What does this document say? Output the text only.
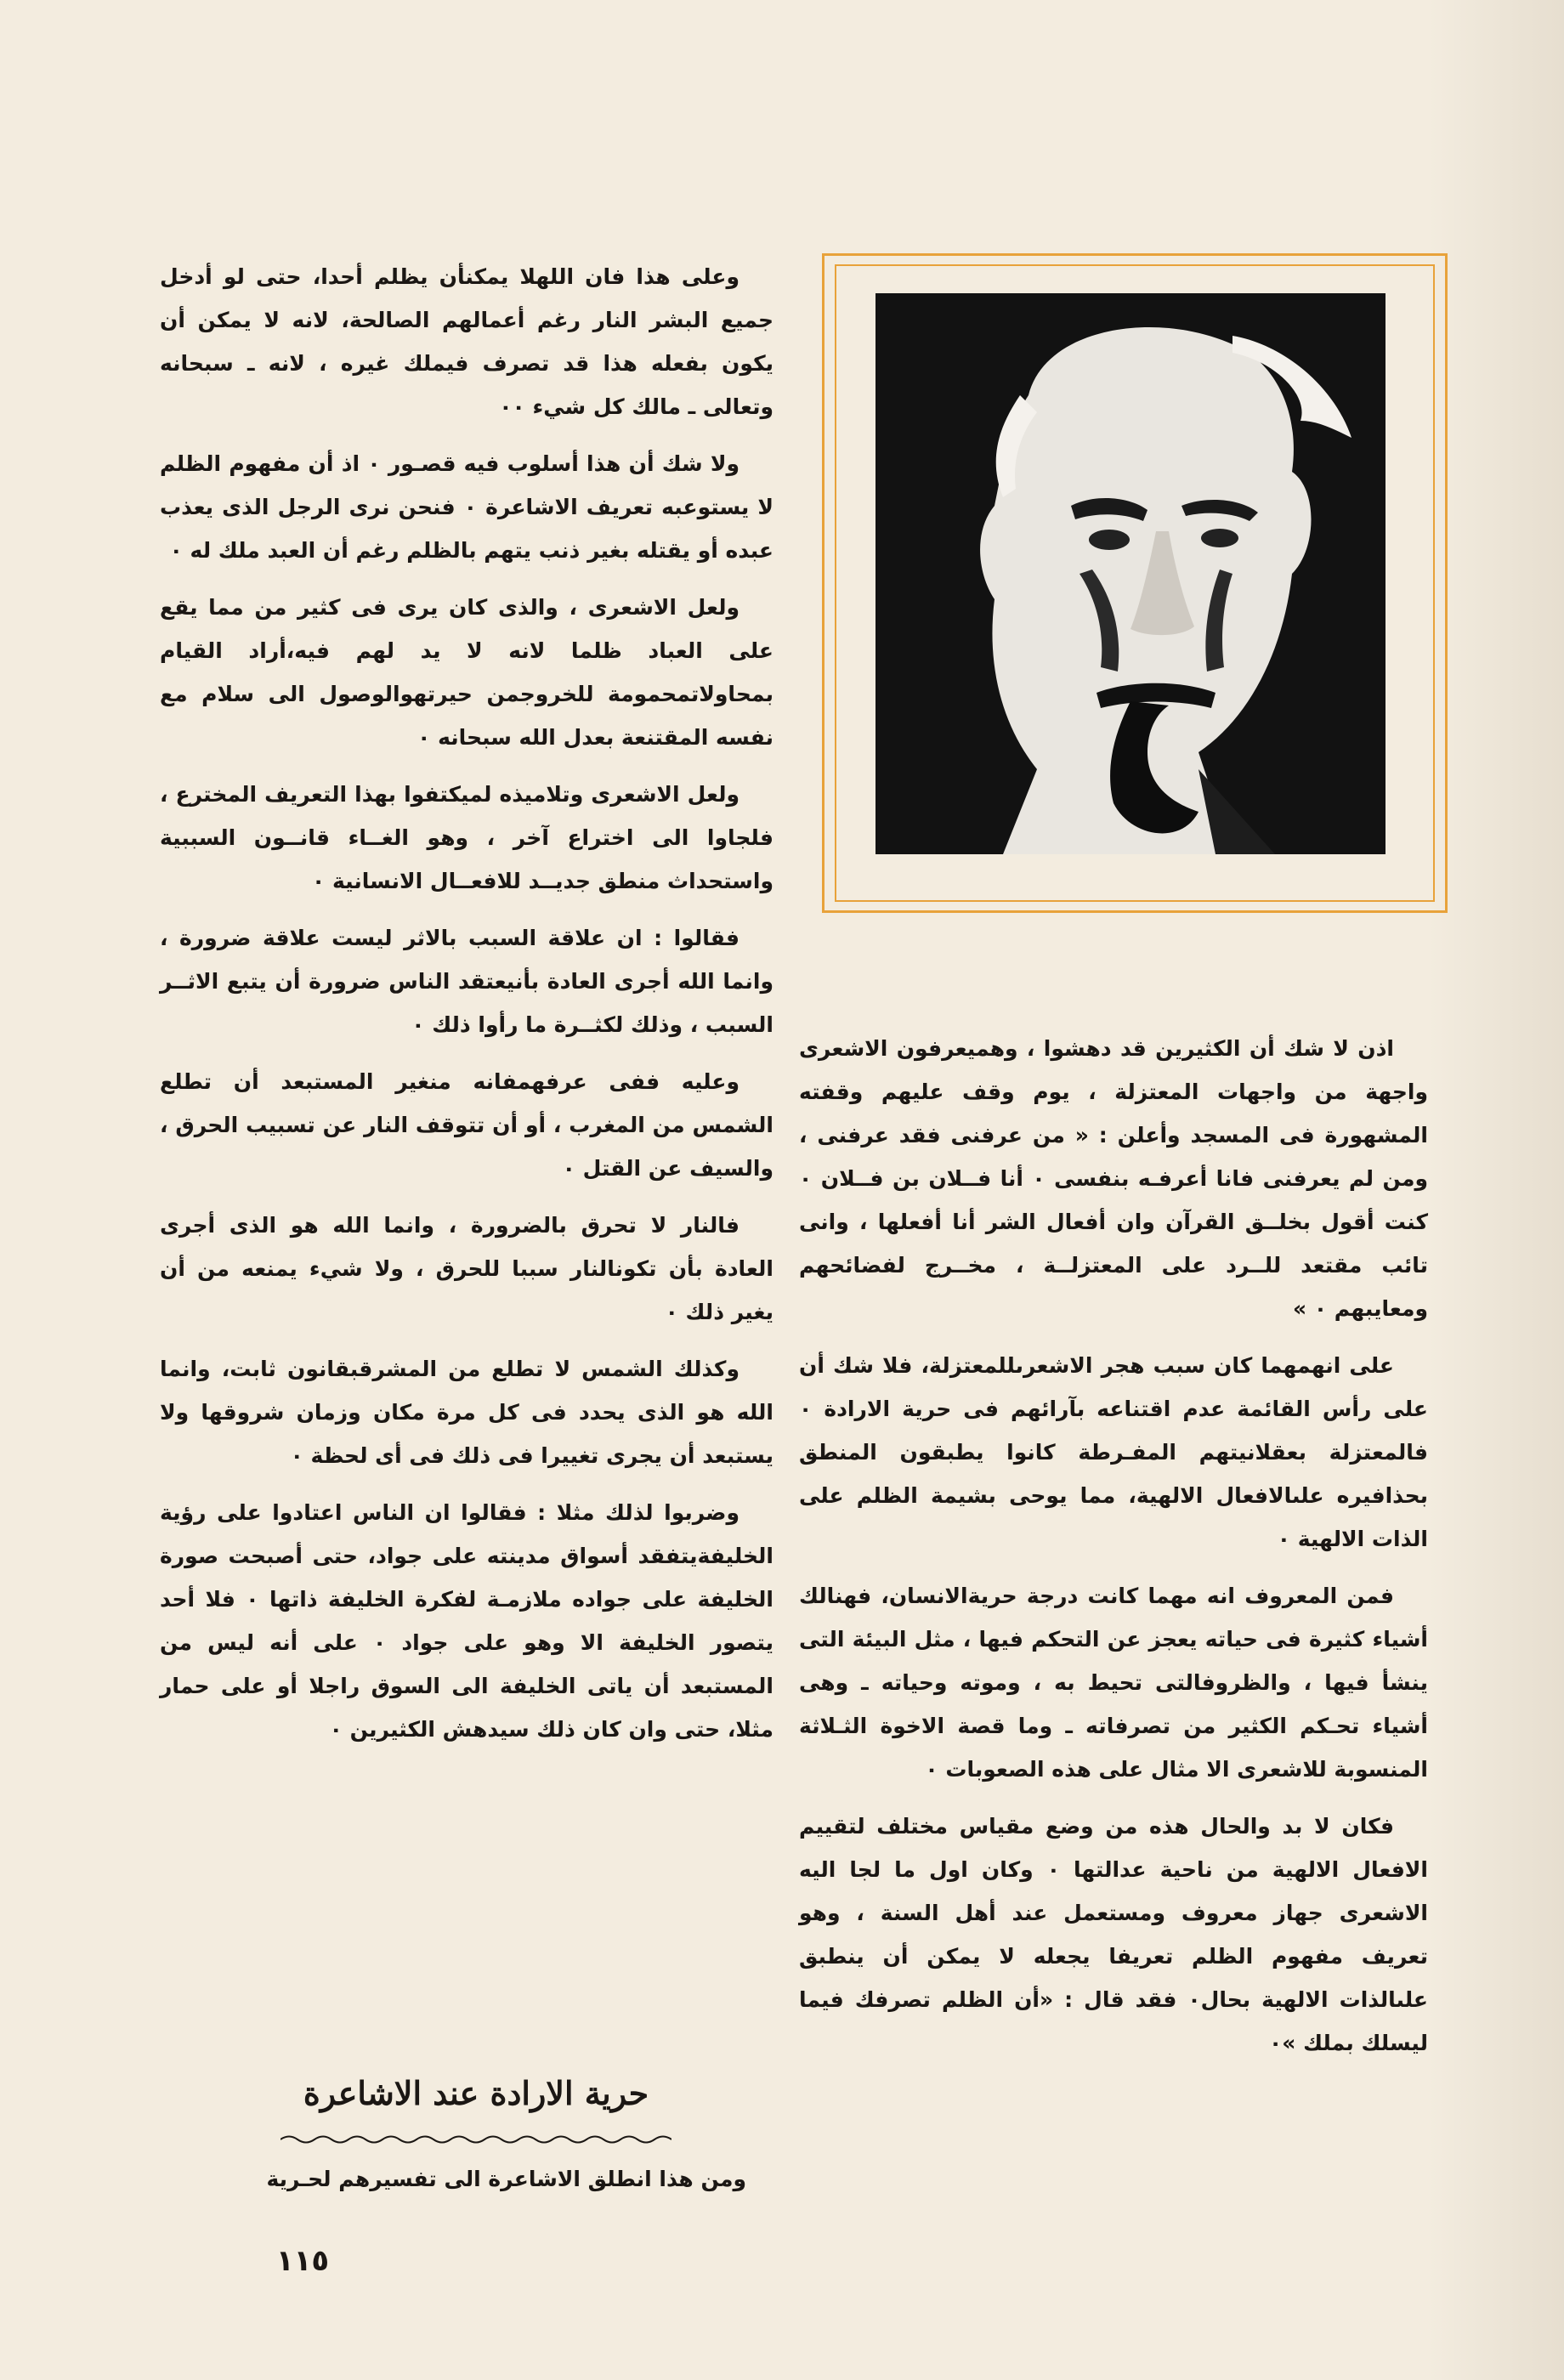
وعلى هذا فان اللهلا يمكنأن يظلم أحدا، حتى لو أدخل جميع البشر النار رغم أعمالهم الصالحة، لانه لا يمكن أن يكون بفعله هذا قد تصرف فيملك غيره ، لانه ـ سبحانه وتعالى ـ مالك كل شيء ٠٠

ولا شك أن هذا أسلوب فيه قصـور ٠ اذ أن مفهوم الظلم لا يستوعبه تعريف الاشاعرة ٠ فنحن نرى الرجل الذى يعذب عبده أو يقتله بغير ذنب يتهم بالظلم رغم أن العبد ملك له ٠

ولعل الاشعرى ، والذى كان يرى فى كثير من مما يقع على العباد ظلما لانه لا يد لهم فيه،أراد القيام بمحاولاتمحمومة للخروجمن حيرتهوالوصول الى سلام مع نفسه المقتنعة بعدل الله سبحانه ٠

ولعل الاشعرى وتلاميذه لميكتفوا بهذا التعريف المخترع ، فلجاوا الى اختراع آخر ، وهو الغــاء قانــون السببية واستحداث منطق جديــد للافعــال الانسانية ٠

فقالوا : ان علاقة السبب بالاثر ليست علاقة ضرورة ، وانما الله أجرى العادة بأنيعتقد الناس ضرورة أن يتبع الاثــر السبب ، وذلك لكثــرة ما رأوا ذلك ٠

وعليه ففى عرفهمفانه منغير المستبعد أن تطلع الشمس من المغرب ، أو أن تتوقف النار عن تسبيب الحرق ، والسيف عن القتل ٠

فالنار لا تحرق بالضرورة ، وانما الله هو الذى أجرى العادة بأن تكونالنار سببا للحرق ، ولا شيء يمنعه من أن يغير ذلك ٠

وكذلك الشمس لا تطلع من المشرقبقانون ثابت، وانما الله هو الذى يحدد فى كل مرة مكان وزمان شروقها ولا يستبعد أن يجرى تغييرا فى ذلك فى أى لحظة ٠

وضربوا لذلك مثلا : فقالوا ان الناس اعتادوا على رؤية الخليفةيتفقد أسواق مدينته على جواد، حتى أصبحت صورة الخليفة على جواده ملازمـة لفكرة الخليفة ذاتها ٠ فلا أحد يتصور الخليفة الا وهو على جواد ٠ على أنه ليس من المستبعد أن ياتى الخليفة الى السوق راجلا أو على حمار مثلا، حتى وان كان ذلك سيدهش الكثيرين ٠

اذن لا شك أن الكثيرين قد دهشوا ، وهميعرفون الاشعرى واجهة من واجهات المعتزلة ، يوم وقف عليهم وقفته المشهورة فى المسجد وأعلن : « من عرفنى فقد عرفنى ، ومن لم يعرفنى فانا أعرفـه بنفسى ٠ أنا فــلان بن فــلان ٠ كنت أقول بخلــق القرآن وان أفعال الشر أنا أفعلها ، وانى تائب مقتعد للــرد على المعتزلــة ، مخــرج لفضائحهم ومعايبهم ٠ »

على انهمهما كان سبب هجر الاشعرىللمعتزلة، فلا شك أن على رأس القائمة عدم اقتناعه بآرائهم فى حرية الارادة ٠ فالمعتزلة بعقلانيتهم المفـرطة كانوا يطبقون المنطق بحذافيره علىالافعال الالهية، مما يوحى بشيمة الظلم على الذات الالهية ٠

فمن المعروف انه مهما كانت درجة حريةالانسان، فهنالك أشياء كثيرة فى حياته يعجز عن التحكم فيها ، مثل البيئة التى ينشأ فيها ، والظروفالتى تحيط به ، وموته وحياته ـ وهى أشياء تحـكم الكثير من تصرفاته ـ وما قصة الاخوة الثـلاثة المنسوبة للاشعرى الا مثال على هذه الصعوبات ٠

فكان لا بد والحال هذه من وضع مقياس مختلف لتقييم الافعال الالهية من ناحية عدالتها ٠ وكان اول ما لجا اليه الاشعرى جهاز معروف ومستعمل عند أهل السنة ، وهو تعريف مفهوم الظلم تعريفا يجعله لا يمكن أن ينطبق علىالذات الالهية بحال٠ فقد قال : «أن الظلم تصرفك فيما ليسلك بملك »٠

حرية الارادة عند الاشاعرة
ومن هذا انطلق الاشاعرة الى تفسيرهم لحـرية
١١٥
